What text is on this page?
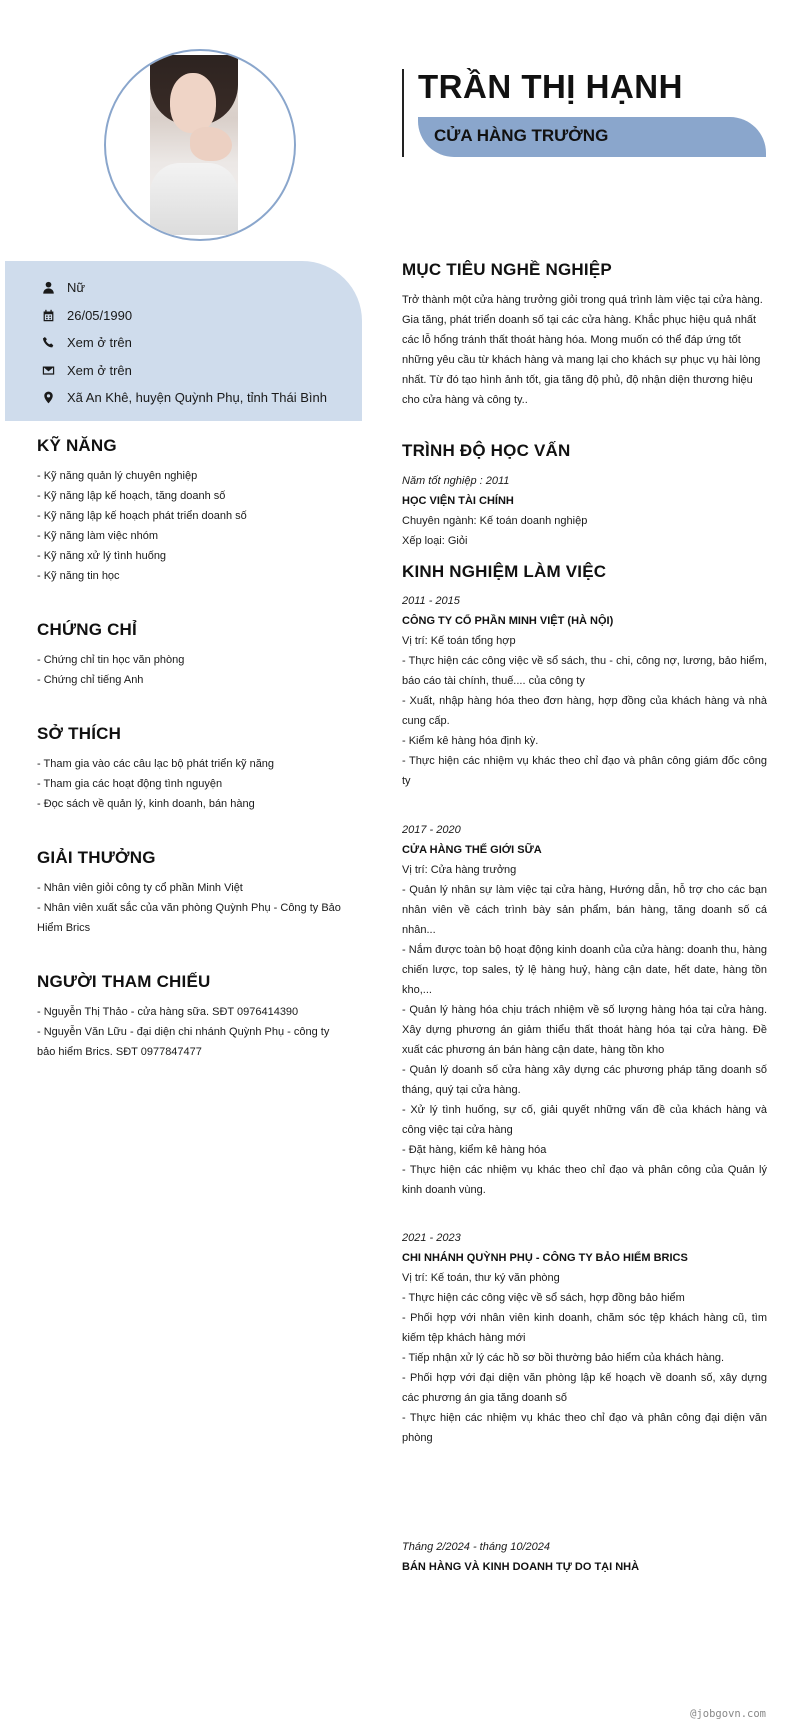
Nữ
26/05/1990
Xem ở trên
Xem ở trên
Xã An Khê, huyện Quỳnh Phụ, tỉnh Thái Bình
KỸ NĂNG
- Kỹ năng quản lý chuyên nghiệp
- Kỹ năng lập kế hoạch, tăng doanh số
- Kỹ năng lập kế hoạch phát triển doanh số
- Kỹ năng làm việc nhóm
- Kỹ năng xử lý tình huống
- Kỹ năng tin học
CHỨNG CHỈ
- Chứng chỉ tin học văn phòng
- Chứng chỉ tiếng Anh
SỞ THÍCH
- Tham gia vào các câu lạc bộ phát triển kỹ năng
- Tham gia các hoạt động tình nguyện
- Đọc sách về quản lý, kinh doanh, bán hàng
GIẢI THƯỞNG
- Nhân viên giỏi công ty cổ phần Minh Việt
- Nhân viên xuất sắc của văn phòng Quỳnh Phụ - Công ty Bảo Hiểm Brics
NGƯỜI THAM CHIẾU
- Nguyễn Thị Thảo - cửa hàng sữa. SĐT 0976414390
- Nguyễn Văn Lữu - đại diện chi nhánh Quỳnh Phụ - công ty bảo hiểm Brics. SĐT 0977847477
TRẦN THỊ HẠNH
CỬA HÀNG TRƯỞNG
MỤC TIÊU NGHỀ NGHIỆP
Trở thành một cửa hàng trưởng giỏi trong quá trình làm việc tại cửa hàng. Gia tăng, phát triển doanh số tại các cửa hàng. Khắc phục hiệu quả nhất các lỗ hổng tránh thất thoát hàng hóa. Mong muốn có thể đáp ứng tốt những yêu cầu từ khách hàng và mang lại cho khách sự phục vụ hài lòng nhất. Từ đó tạo hình ảnh tốt, gia tăng độ phủ, độ nhận diện thương hiệu cho cửa hàng và công ty..
TRÌNH ĐỘ HỌC VẤN
Năm tốt nghiệp : 2011
HỌC VIỆN TÀI CHÍNH
Chuyên ngành: Kế toán doanh nghiệp
Xếp loại: Giỏi
KINH NGHIỆM LÀM VIỆC
2011 - 2015
CÔNG TY CỔ PHẦN MINH VIỆT (HÀ NỘI)
Vị trí: Kế toán tổng hợp
- Thực hiện các công việc về sổ sách, thu - chi, công nợ, lương, bảo hiểm, báo cáo tài chính, thuế.... của công ty
- Xuất, nhập hàng hóa theo đơn hàng, hợp đồng của khách hàng và nhà cung cấp.
- Kiểm kê hàng hóa định kỳ.
- Thực hiện các nhiệm vụ khác theo chỉ đạo và phân công giám đốc công ty
2017 - 2020
CỬA HÀNG THẾ GIỚI SỮA
Vị trí: Cửa hàng trưởng
- Quản lý nhân sự làm việc tại cửa hàng, Hướng dẫn, hỗ trợ cho các bạn nhân viên về cách trình bày sản phẩm, bán hàng, tăng doanh số cá nhân...
- Nắm được toàn bộ hoạt động kinh doanh của cửa hàng: doanh thu, hàng chiến lược, top sales, tỷ lệ hàng huỷ, hàng cận date, hết date, hàng tồn kho,...
- Quản lý hàng hóa chịu trách nhiệm về số lượng hàng hóa tại cửa hàng. Xây dựng phương án giảm thiểu thất thoát hàng hóa tại cửa hàng. Đề xuất các phương án bán hàng cận date, hàng tồn kho
- Quản lý doanh số cửa hàng xây dựng các phương pháp tăng doanh số tháng, quý tại cửa hàng.
- Xử lý tình huống, sự cố, giải quyết những vấn đề của khách hàng và công việc tại cửa hàng
- Đặt hàng, kiểm kê hàng hóa
- Thực hiện các nhiệm vụ khác theo chỉ đạo và phân công của Quản lý kinh doanh vùng.
2021 - 2023
CHI NHÁNH QUỲNH PHỤ - CÔNG TY BẢO HIỂM BRICS
Vị trí: Kế toán, thư ký văn phòng
- Thực hiện các công việc về sổ sách, hợp đồng bảo hiểm
- Phối hợp với nhân viên kinh doanh, chăm sóc tệp khách hàng cũ, tìm kiếm tệp khách hàng mới
- Tiếp nhận xử lý các hồ sơ bồi thường bảo hiểm của khách hàng.
- Phối hợp với đại diện văn phòng lập kế hoạch về doanh số, xây dựng các phương án gia tăng doanh số
- Thực hiện các nhiệm vụ khác theo chỉ đạo và phân công đại diện văn phòng
Tháng 2/2024 - tháng 10/2024
BÁN HÀNG VÀ KINH DOANH TỰ DO TẠI NHÀ
@jobgovn.com
